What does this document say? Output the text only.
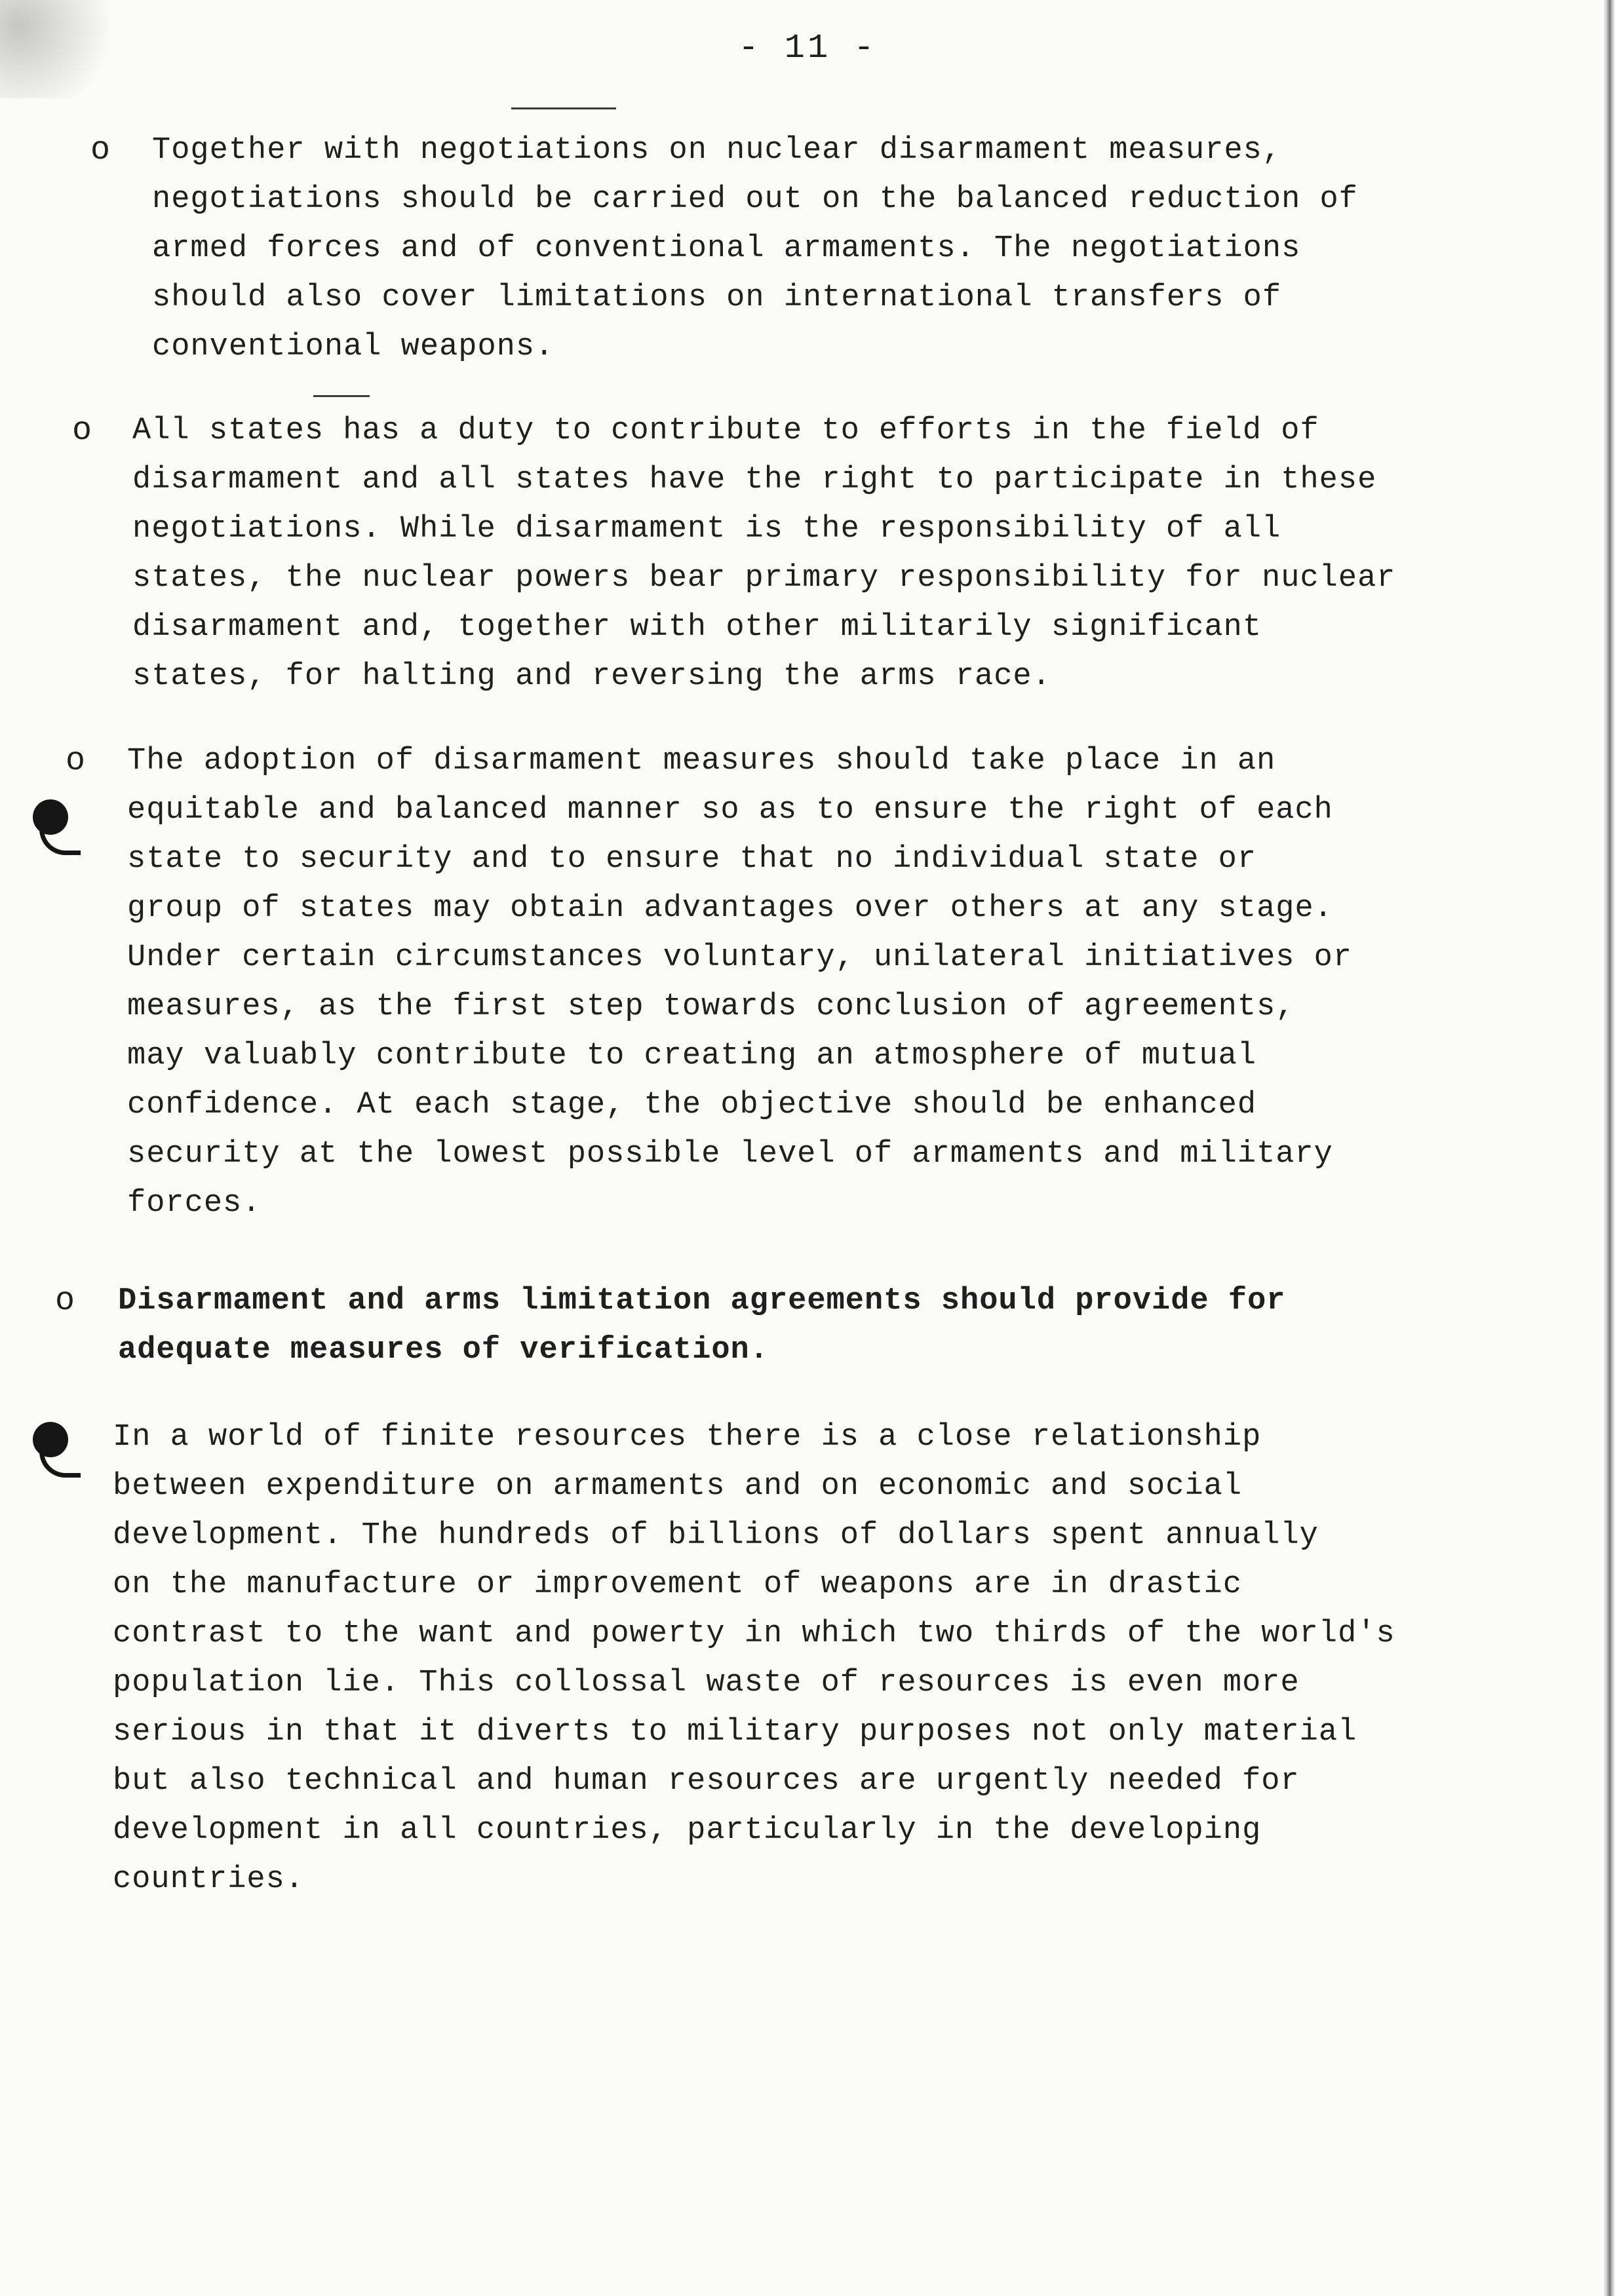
- 11 -
o Together with negotiations on nuclear disarmament measures,
negotiations should be carried out on the balanced reduction of
armed forces and of conventional armaments. The negotiations
should also cover limitations on international transfers of
conventional weapons.
o All states has a duty to contribute to efforts in the field of
disarmament and all states have the right to participate in these
negotiations. While disarmament is the responsibility of all
states, the nuclear powers bear primary responsibility for nuclear
disarmament and, together with other militarily significant
states, for halting and reversing the arms race.
o The adoption of disarmament measures should take place in an
equitable and balanced manner so as to ensure the right of each
state to security and to ensure that no individual state or
group of states may obtain advantages over others at any stage.
Under certain circumstances voluntary, unilateral initiatives or
measures, as the first step towards conclusion of agreements,
may valuably contribute to creating an atmosphere of mutual
confidence. At each stage, the objective should be enhanced
security at the lowest possible level of armaments and military
forces.
o Disarmament and arms limitation agreements should provide for
adequate measures of verification.
In a world of finite resources there is a close relationship
between expenditure on armaments and on economic and social
development. The hundreds of billions of dollars spent annually
on the manufacture or improvement of weapons are in drastic
contrast to the want and powerty in which two thirds of the world's
population lie. This collossal waste of resources is even more
serious in that it diverts to military purposes not only material
but also technical and human resources are urgently needed for
development in all countries, particularly in the developing
countries.
